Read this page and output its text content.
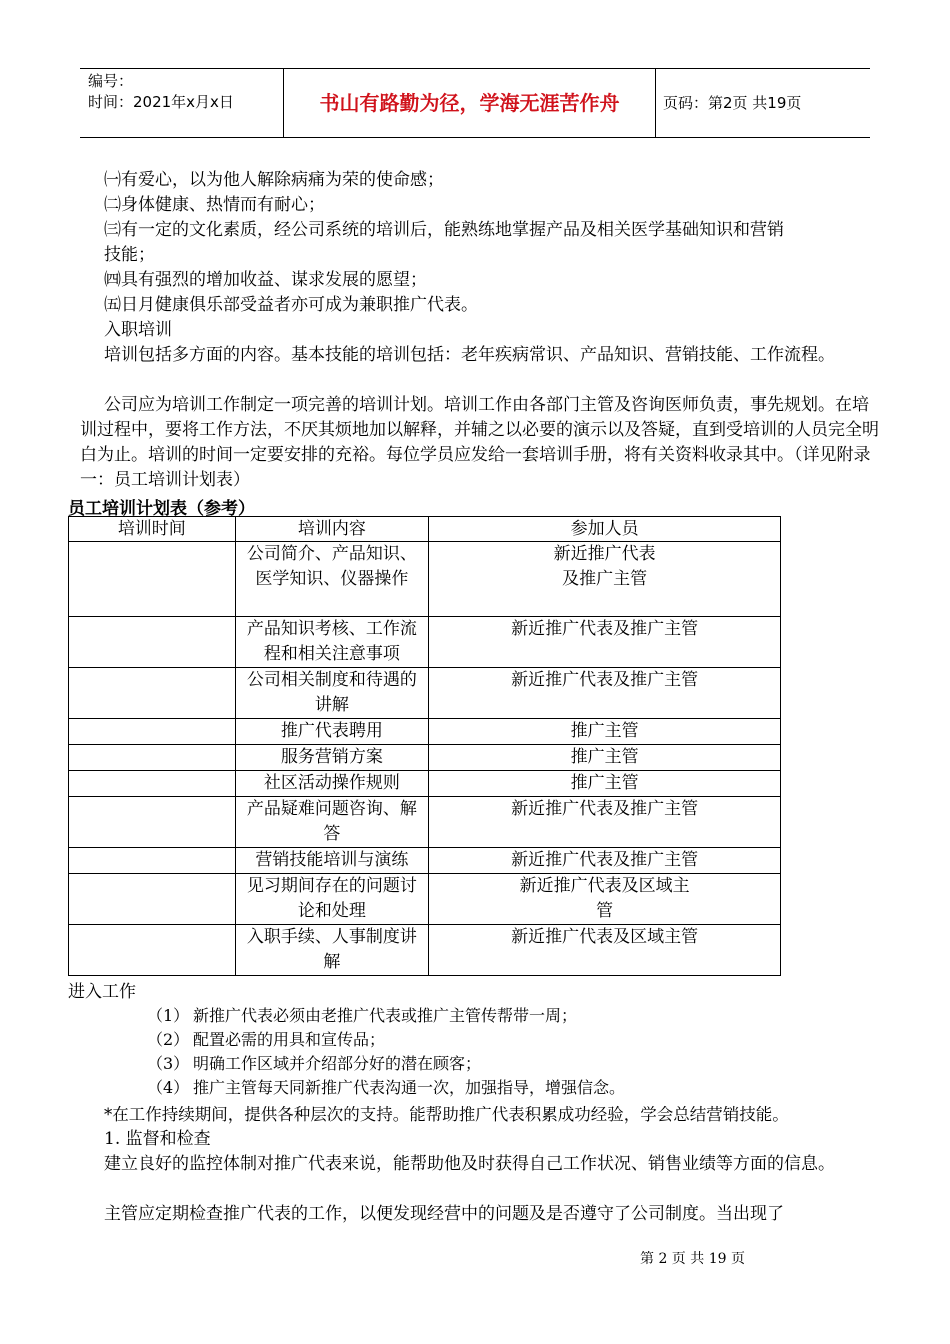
编号：
时间：2021年x月x日	书山有路勤为径，学海无涯苦作舟	页码：第2页 共19页
㈠有爱心，以为他人解除病痛为荣的使命感；
㈡身体健康、热情而有耐心；
㈢有一定的文化素质，经公司系统的培训后，能熟练地掌握产品及相关医学基础知识和营销
技能；
㈣具有强烈的增加收益、谋求发展的愿望；
㈤日月健康俱乐部受益者亦可成为兼职推广代表。
入职培训
培训包括多方面的内容。基本技能的培训包括：老年疾病常识、产品知识、营销技能、工作流程。
公司应为培训工作制定一项完善的培训计划。培训工作由各部门主管及咨询医师负责，事先规划。在培训过程中，要将工作方法，不厌其烦地加以解释，并辅之以必要的演示以及答疑，直到受培训的人员完全明白为止。培训的时间一定要安排的充裕。每位学员应发给一套培训手册，将有关资料收录其中。（详见附录一：员工培训计划表）
员工培训计划表（参考）
培训时间	培训内容	参加人员
	公司简介、产品知识、医学知识、仪器操作	新近推广代表及推广主管
	产品知识考核、工作流程和相关注意事项	新近推广代表及推广主管
	公司相关制度和待遇的讲解	新近推广代表及推广主管
	推广代表聘用	推广主管
	服务营销方案	推广主管
	社区活动操作规则	推广主管
	产品疑难问题咨询、解答	新近推广代表及推广主管
	营销技能培训与演练	新近推广代表及推广主管
	见习期间存在的问题讨论和处理	新近推广代表及区域主管
	入职手续、人事制度讲解	新近推广代表及区域主管
进入工作
（1） 新推广代表必须由老推广代表或推广主管传帮带一周；
（2） 配置必需的用具和宣传品；
（3） 明确工作区域并介绍部分好的潜在顾客；
（4） 推广主管每天同新推广代表沟通一次，加强指导，增强信念。
*在工作持续期间，提供各种层次的支持。能帮助推广代表积累成功经验，学会总结营销技能。
1. 监督和检查
建立良好的监控体制对推广代表来说，能帮助他及时获得自己工作状况、销售业绩等方面的信息。
主管应定期检查推广代表的工作，以便发现经营中的问题及是否遵守了公司制度。当出现了
第 2 页 共 19 页
